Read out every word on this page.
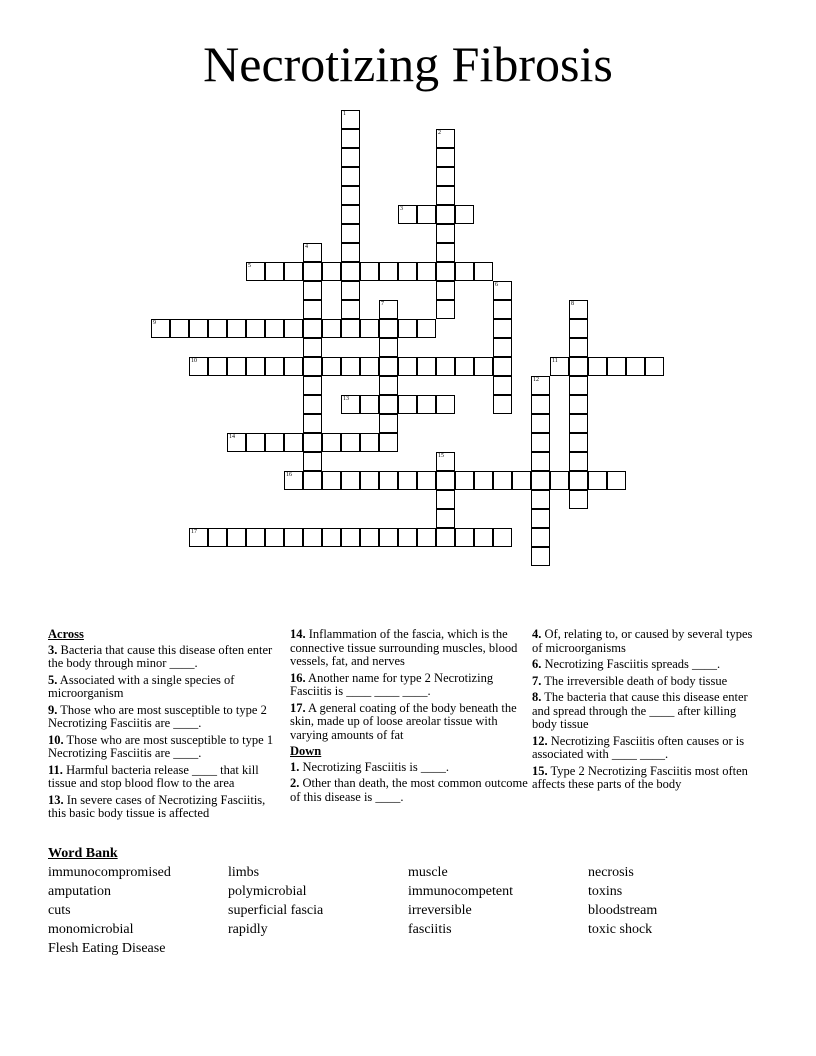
Necrotizing Fibrosis
1
2
3
4
5
6
7	8
9
10	11
12
13
14
15
16
17
Across
3. Bacteria that cause this disease often enter the body through minor ____.
5. Associated with a single species of microorganism
9. Those who are most susceptible to type 2 Necrotizing Fasciitis are ____.
10. Those who are most susceptible to type 1 Necrotizing Fasciitis are ____.
11. Harmful bacteria release ____ that kill tissue and stop blood flow to the area
13. In severe cases of Necrotizing Fasciitis, this basic body tissue is affected
14. Inflammation of the fascia, which is the connective tissue surrounding muscles, blood vessels, fat, and nerves
16. Another name for type 2 Necrotizing Fasciitis is ____ ____ ____.
17. A general coating of the body beneath the skin, made up of loose areolar tissue with varying amounts of fat
Down
1. Necrotizing Fasciitis is ____.
2. Other than death, the most common outcome of this disease is ____.
4. Of, relating to, or caused by several types of microorganisms
6. Necrotizing Fasciitis spreads ____.
7. The irreversible death of body tissue
8. The bacteria that cause this disease enter and spread through the ____ after killing body tissue
12. Necrotizing Fasciitis often causes or is associated with ____ ____.
15. Type 2 Necrotizing Fasciitis most often affects these parts of the body
Word Bank
immunocompromised
amputation
cuts
monomicrobial
Flesh Eating Disease
limbs
polymicrobial
superficial fascia
rapidly
muscle
immunocompetent
irreversible
fasciitis
necrosis
toxins
bloodstream
toxic shock
